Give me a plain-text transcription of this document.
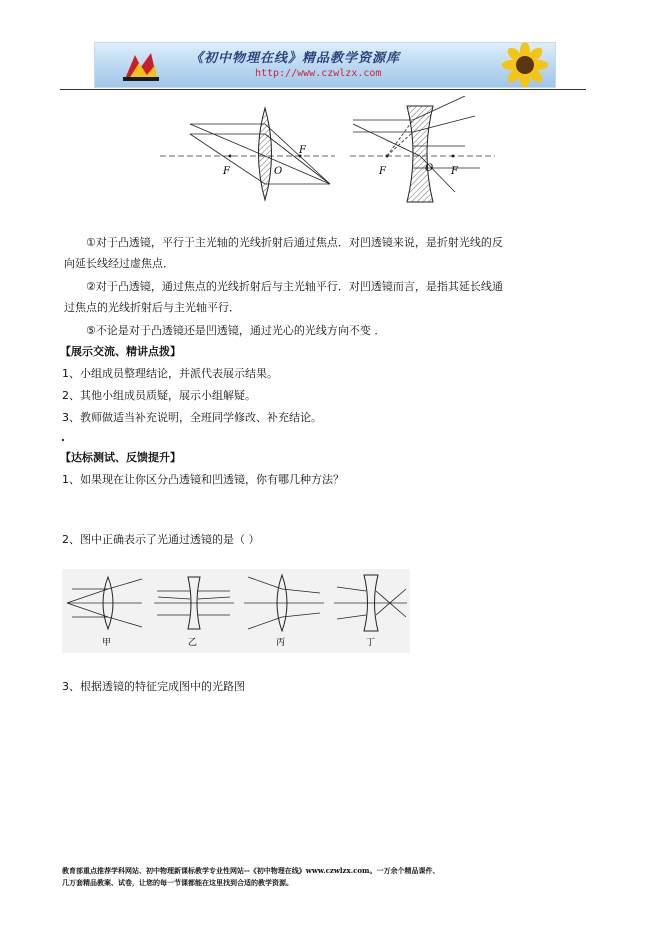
《初中物理在线》精品教学资源库
http://www.czwlzx.com
F
F
O	F	F
O
①对于凸透镜，平行于主光轴的光线折射后通过焦点．对凹透镜来说，是折射光线的反
向延长线经过虚焦点．
②对于凸透镜，通过焦点的光线折射后与主光轴平行．对凹透镜而言，是指其延长线通
过焦点的光线折射后与主光轴平行．
⑤不论是对于凸透镜还是凹透镜，通过光心的光线方向不变 ．
【展示交流、精讲点拨】
1、小组成员整理结论，并派代表展示结果。
2、其他小组成员质疑，展示小组解疑。
3、教师做适当补充说明，全班同学修改、补充结论。
【达标测试、反馈提升】
1、如果现在让你区分凸透镜和凹透镜，你有哪几种方法？
2、图中正确表示了光通过透镜的是（ ）
甲	乙	丙	丁
3、根据透镜的特征完成图中的光路图
教育部重点推荐学科网站、初中物理新课标教学专业性网站--《初中物理在线》www.czwlzx.com。一万余个精品课件、
几万套精品教案、试卷，让您的每一节课都能在这里找到合适的教学资源。
